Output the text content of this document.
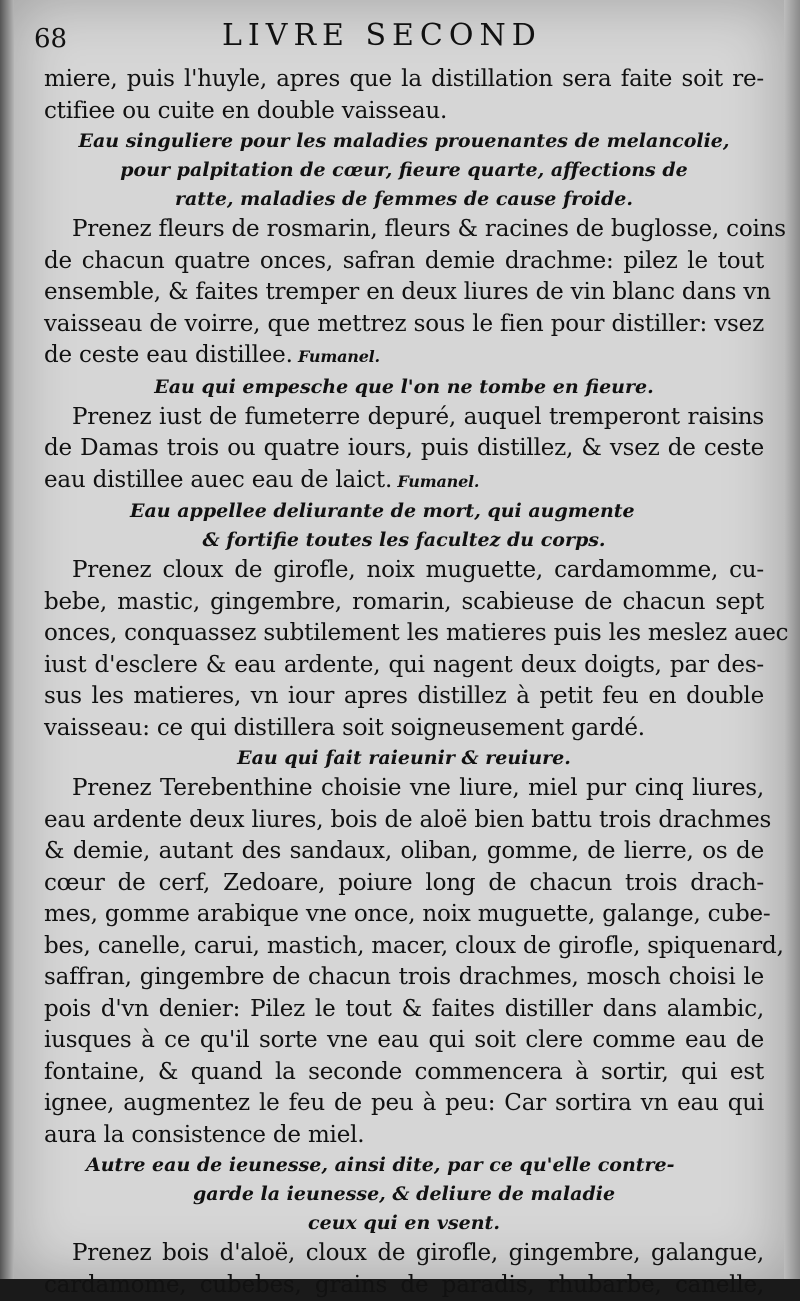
68	LIVRE SECOND
miere, puis l'huyle, apres que la distillation sera faite soit re-
ctifiee ou cuite en double vaisseau.
Eau singuliere pour les maladies prouenantes de melancolie,
pour palpitation de cœur, fieure quarte, affections de
ratte, maladies de femmes de cause froide.
Prenez fleurs de rosmarin, fleurs & racines de buglosse, coins
de chacun quatre onces, safran demie drachme: pilez le tout
ensemble, & faites tremper en deux liures de vin blanc dans vn
vaisseau de voirre, que mettrez sous le fien pour distiller: vsez
de ceste eau distillee. Fumanel.
Eau qui empesche que l'on ne tombe en fieure.
Prenez iust de fumeterre depuré, auquel tremperont raisins
de Damas trois ou quatre iours, puis distillez, & vsez de ceste
eau distillee auec eau de laict. Fumanel.
Eau appellee deliurante de mort, qui augmente
& fortifie toutes les facultez du corps.
Prenez cloux de girofle, noix muguette, cardamomme, cu-
bebe, mastic, gingembre, romarin, scabieuse de chacun sept
onces, conquassez subtilement les matieres puis les meslez auec
iust d'esclere & eau ardente, qui nagent deux doigts, par des-
sus les matieres, vn iour apres distillez à petit feu en double
vaisseau: ce qui distillera soit soigneusement gardé.
Eau qui fait raieunir & reuiure.
Prenez Terebenthine choisie vne liure, miel pur cinq liures,
eau ardente deux liures, bois de aloë bien battu trois drachmes
& demie, autant des sandaux, oliban, gomme, de lierre, os de
cœur de cerf, Zedoare, poiure long de chacun trois drach-
mes, gomme arabique vne once, noix muguette, galange, cube-
bes, canelle, carui, mastich, macer, cloux de girofle, spiquenard,
saffran, gingembre de chacun trois drachmes, mosch choisi le
pois d'vn denier: Pilez le tout & faites distiller dans alambic,
iusques à ce qu'il sorte vne eau qui soit clere comme eau de
fontaine, & quand la seconde commencera à sortir, qui est
ignee, augmentez le feu de peu à peu: Car sortira vn eau qui
aura la consistence de miel.
Autre eau de ieunesse, ainsi dite, par ce qu'elle contre-
garde la ieunesse, & deliure de maladie
ceux qui en vsent.
Prenez bois d'aloë, cloux de girofle, gingembre, galangue,
cardamome, cubebes, grains de paradis, rhubarbe, canelle,
